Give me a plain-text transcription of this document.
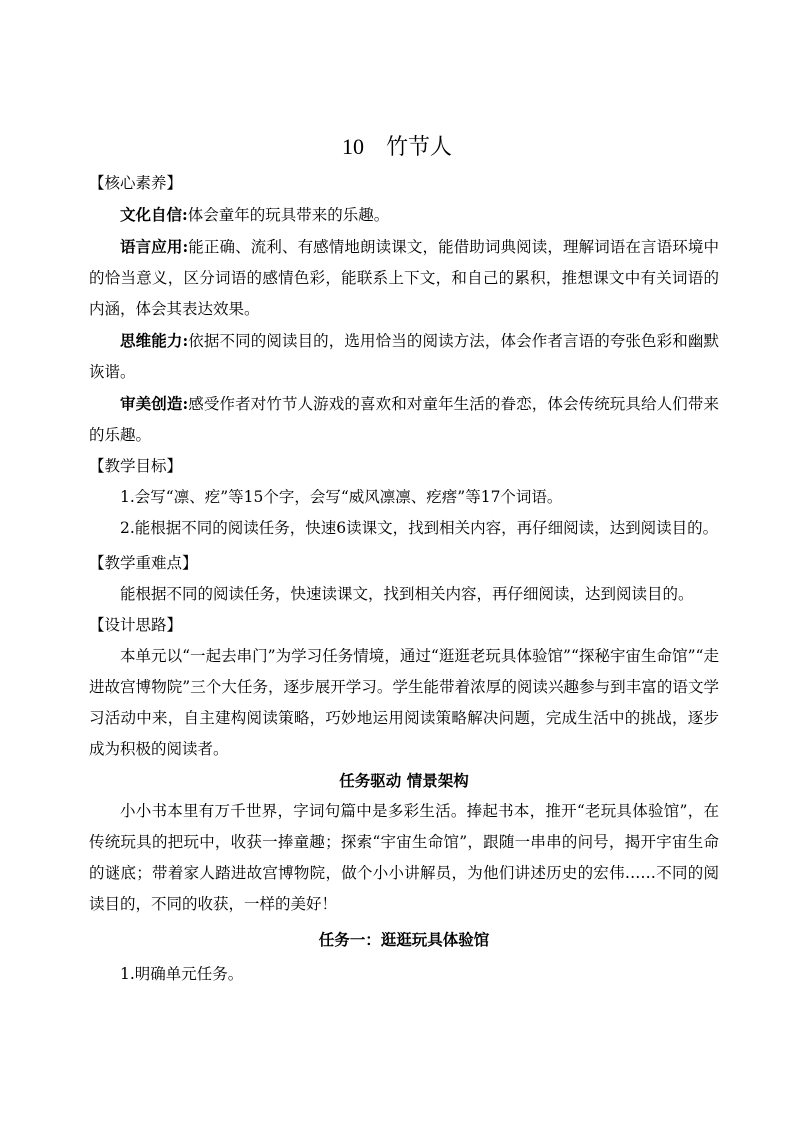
10 竹节人
【核心素养】
文化自信:体会童年的玩具带来的乐趣。
语言应用:能正确、流利、有感情地朗读课文，能借助词典阅读，理解词语在言语环境中的恰当意义，区分词语的感情色彩，能联系上下文，和自己的累积，推想课文中有关词语的内涵，体会其表达效果。
思维能力:依据不同的阅读目的，选用恰当的阅读方法，体会作者言语的夸张色彩和幽默诙谐。
审美创造:感受作者对竹节人游戏的喜欢和对童年生活的眷恋，体会传统玩具给人们带来的乐趣。
【教学目标】
1.会写“凛、疙”等15个字，会写“威风凛凛、疙瘩”等17个词语。
2.能根据不同的阅读任务，快速6读课文，找到相关内容，再仔细阅读，达到阅读目的。
【教学重难点】
能根据不同的阅读任务，快速读课文，找到相关内容，再仔细阅读，达到阅读目的。
【设计思路】
本单元以“一起去串门”为学习任务情境，通过“逛逛老玩具体验馆”“探秘宇宙生命馆”“走进故宫博物院”三个大任务，逐步展开学习。学生能带着浓厚的阅读兴趣参与到丰富的语文学习活动中来，自主建构阅读策略，巧妙地运用阅读策略解决问题，完成生活中的挑战，逐步成为积极的阅读者。
任务驱动 情景架构
小小书本里有万千世界，字词句篇中是多彩生活。捧起书本，推开“老玩具体验馆”，在传统玩具的把玩中，收获一捧童趣；探索“宇宙生命馆”，跟随一串串的问号，揭开宇宙生命的谜底；带着家人踏进故宫博物院，做个小小讲解员，为他们讲述历史的宏伟……不同的阅读目的，不同的收获，一样的美好！
任务一：逛逛玩具体验馆
1.明确单元任务。
